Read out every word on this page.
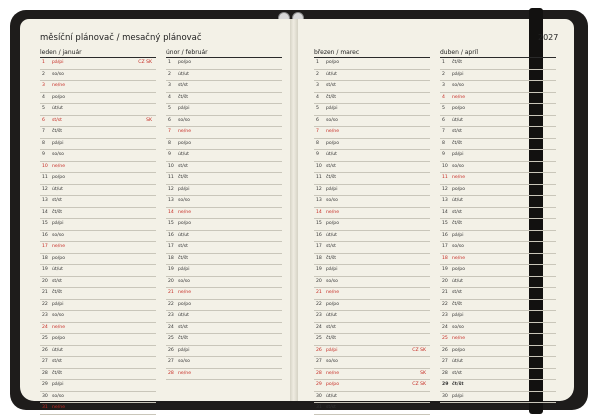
měsíční plánovač / mesačný plánovač	2027
leden / január
1	pá/pi	CZ SK
2	so/so
3	ne/ne
4	po/po
5	út/ut
6	st/st	SK
7	čt/št
8	pá/pi
9	so/so
10 ne/ne
11 po/po
12 út/ut
13 st/st
14 čt/št
15 pá/pi
16 so/so
17 ne/ne
18 po/po
19 út/ut
20 st/st
21 čt/št
22 pá/pi
23 so/so
24 ne/ne
25 po/po
26 út/ut
27 st/st
28 čt/št
29 pá/pi
30 so/so
31 ne/ne
únor / február
1	po/po
2	út/ut
3	st/st
4	čt/št
5	pá/pi
6	so/so
7	ne/ne
8	po/po
9	út/ut
10 st/st
11 čt/št
12 pá/pi
13 so/so
14 ne/ne
15 po/po
16 út/ut
17 st/st
18 čt/št
19 pá/pi
20 so/so
21 ne/ne
22 po/po
23 út/ut
24 st/st
25 čt/št
26 pá/pi
27 so/so
28 ne/ne
březen / marec
1	po/po
2	út/ut
3	st/st
4	čt/št
5	pá/pi
6	so/so
7	ne/ne
8	po/po
9	út/ut
10 st/st
11 čt/št
12 pá/pi
13 so/so
14 ne/ne
15 po/po
16 út/ut
17 st/st
18 čt/št
19 pá/pi
20 so/so
21 ne/ne
22 po/po
23 út/ut
24 st/st
25 čt/št
26 pá/pi	CZ SK
27 so/so
28 ne/ne	SK
29 po/po	CZ SK
30 út/ut
31 st/st
duben / apríl
1	čt/št
2	pá/pi
3	so/so
4	ne/ne
5	po/po
6	út/ut
7	st/st
8	čt/št
9	pá/pi
10 so/so
11 ne/ne
12 po/po
13 út/ut
14 st/st
15 čt/št
16 pá/pi
17 so/so
18 ne/ne
19 po/po
20 út/ut
21 st/st
22 čt/št
23 pá/pi
24 so/so
25 ne/ne
26 po/po
27 út/ut
28 st/st
29 čt/št
30 pá/pi
